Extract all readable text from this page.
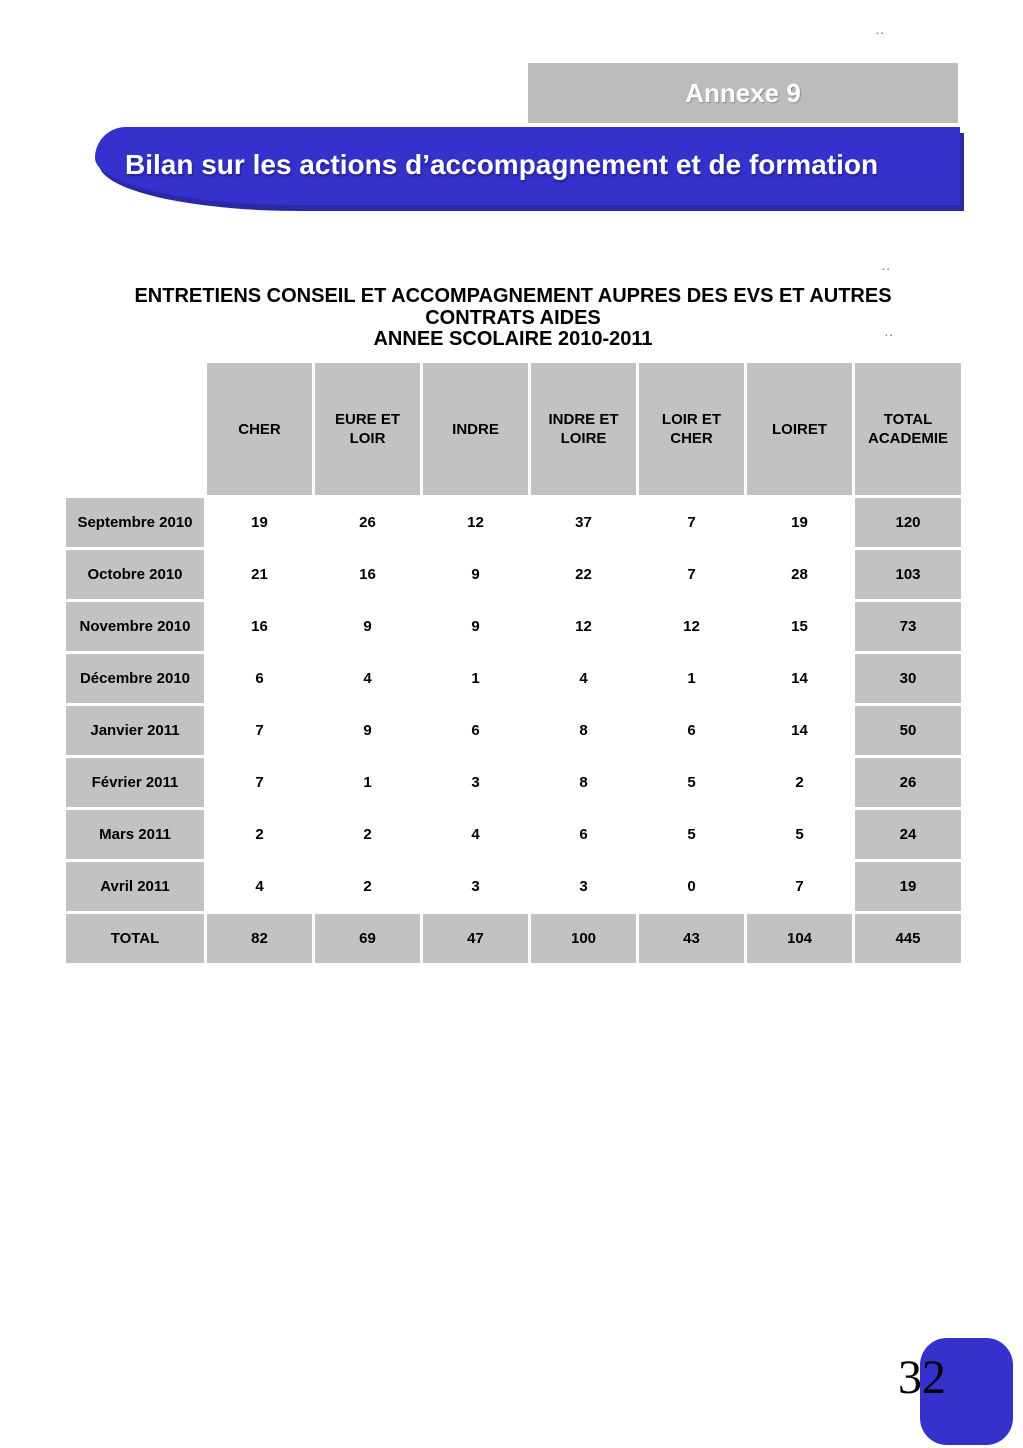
..
Annexe 9
Bilan sur les actions d’accompagnement et de formation
..
ENTRETIENS CONSEIL ET ACCOMPAGNEMENT AUPRES DES EVS ET AUTRES
CONTRATS AIDES
ANNEE SCOLAIRE 2010-2011	..
	CHER	EURE ET LOIR	INDRE	INDRE ET LOIRE	LOIR ET CHER	LOIRET	TOTAL ACADEMIE
Septembre 2010	19	26	12	37	7	19	120
Octobre 2010	21	16	9	22	7	28	103
Novembre 2010	16	9	9	12	12	15	73
Décembre 2010	6	4	1	4	1	14	30
Janvier 2011	7	9	6	8	6	14	50
Février 2011	7	1	3	8	5	2	26
Mars 2011	2	2	4	6	5	5	24
Avril 2011	4	2	3	3	0	7	19
TOTAL	82	69	47	100	43	104	445
32
